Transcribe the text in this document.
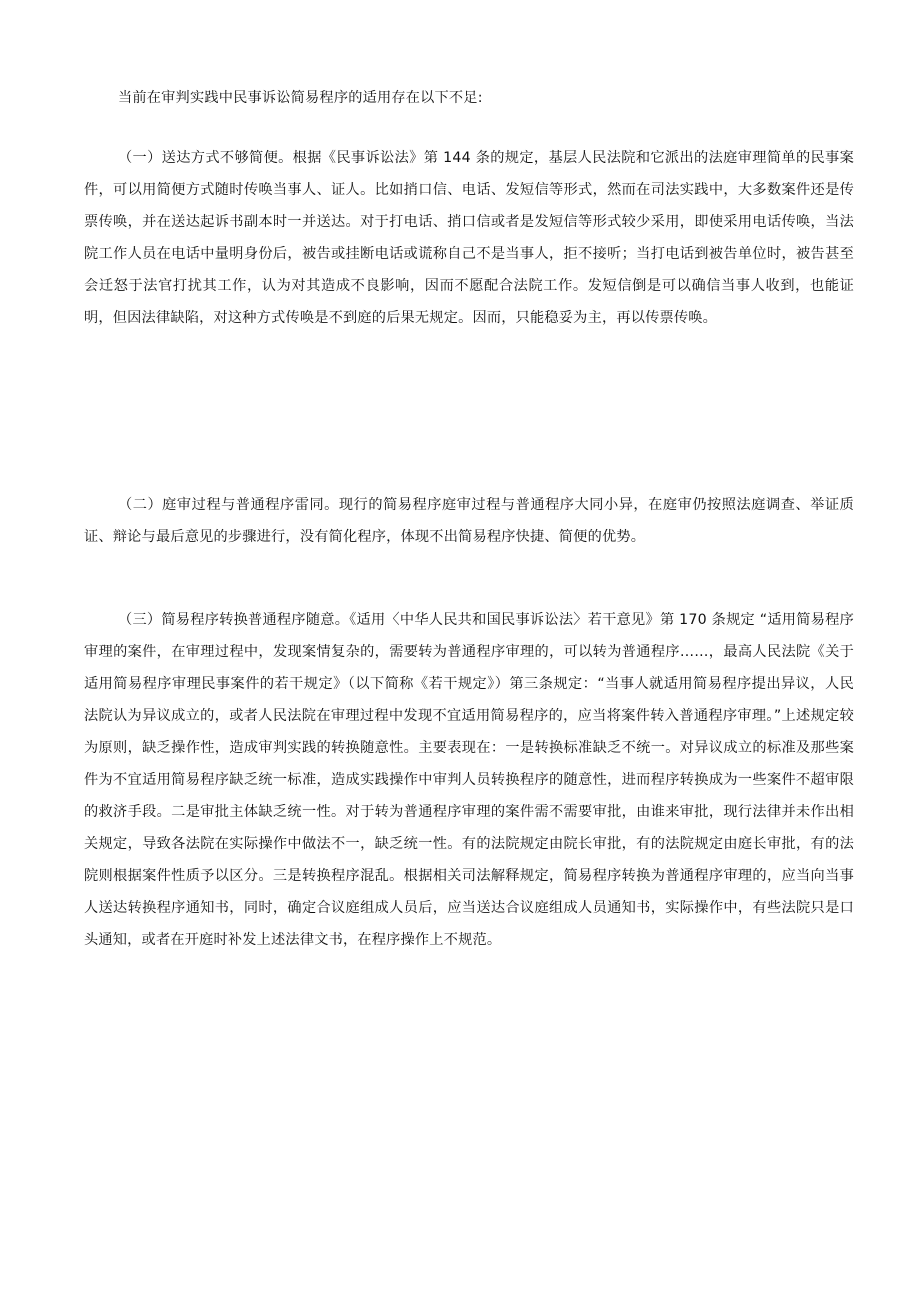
当前在审判实践中民事诉讼简易程序的适用存在以下不足:

（一）送达方式不够简便。根据《民事诉讼法》第 144 条的规定，基层人民法院和它派出的法庭审理简单的民事案件，可以用简便方式随时传唤当事人、证人。比如捎口信、电话、发短信等形式，然而在司法实践中，大多数案件还是传票传唤，并在送达起诉书副本时一并送达。对于打电话、捎口信或者是发短信等形式较少采用，即使采用电话传唤，当法院工作人员在电话中量明身份后，被告或挂断电话或谎称自己不是当事人，拒不接听；当打电话到被告单位时，被告甚至会迁怒于法官打扰其工作，认为对其造成不良影响，因而不愿配合法院工作。发短信倒是可以确信当事人收到，也能证明，但因法律缺陷，对这种方式传唤是不到庭的后果无规定。因而，只能稳妥为主，再以传票传唤。

（二）庭审过程与普通程序雷同。现行的简易程序庭审过程与普通程序大同小异，在庭审仍按照法庭调查、举证质证、辩论与最后意见的步骤进行，没有简化程序，体现不出简易程序快捷、简便的优势。

（三）简易程序转换普通程序随意。《适用〈中华人民共和国民事诉讼法〉若干意见》第 170 条规定 “适用简易程序审理的案件，在审理过程中，发现案情复杂的，需要转为普通程序审理的，可以转为普通程序……，最高人民法院《关于适用简易程序审理民事案件的若干规定》（以下简称《若干规定》）第三条规定：“当事人就适用简易程序提出异议，人民法院认为异议成立的，或者人民法院在审理过程中发现不宜适用简易程序的，应当将案件转入普通程序审理。”上述规定较为原则，缺乏操作性，造成审判实践的转换随意性。主要表现在：一是转换标准缺乏不统一。对异议成立的标准及那些案件为不宜适用简易程序缺乏统一标准，造成实践操作中审判人员转换程序的随意性，进而程序转换成为一些案件不超审限的救济手段。二是审批主体缺乏统一性。对于转为普通程序审理的案件需不需要审批，由谁来审批，现行法律并未作出相关规定，导致各法院在实际操作中做法不一，缺乏统一性。有的法院规定由院长审批，有的法院规定由庭长审批，有的法院则根据案件性质予以区分。三是转换程序混乱。根据相关司法解释规定，简易程序转换为普通程序审理的，应当向当事人送达转换程序通知书，同时，确定合议庭组成人员后，应当送达合议庭组成人员通知书，实际操作中，有些法院只是口头通知，或者在开庭时补发上述法律文书，在程序操作上不规范。
